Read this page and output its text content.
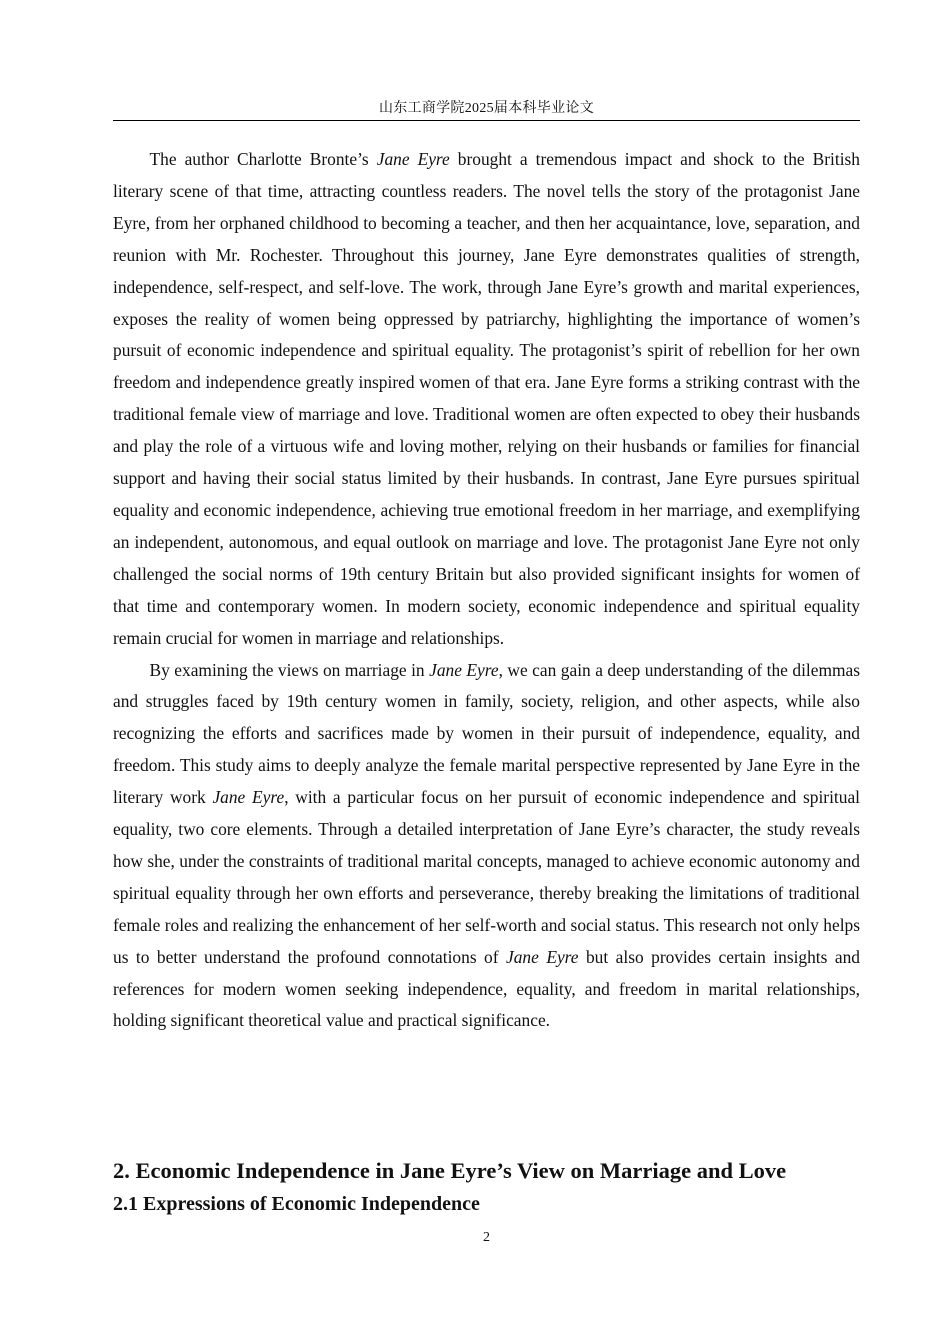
山东工商学院2025届本科毕业论文

The author Charlotte Bronte’s Jane Eyre brought a tremendous impact and shock to the British literary scene of that time, attracting countless readers. The novel tells the story of the protagonist Jane Eyre, from her orphaned childhood to becoming a teacher, and then her acquaintance, love, separation, and reunion with Mr. Rochester. Throughout this journey, Jane Eyre demonstrates qualities of strength, independence, self-respect, and self-love. The work, through Jane Eyre’s growth and marital experiences, exposes the reality of women being oppressed by patriarchy, highlighting the importance of women’s pursuit of economic independence and spiritual equality. The protagonist’s spirit of rebellion for her own freedom and independence greatly inspired women of that era. Jane Eyre forms a striking contrast with the traditional female view of marriage and love. Traditional women are often expected to obey their husbands and play the role of a virtuous wife and loving mother, relying on their husbands or families for financial support and having their social status limited by their husbands. In contrast, Jane Eyre pursues spiritual equality and economic independence, achieving true emotional freedom in her marriage, and exemplifying an independent, autonomous, and equal outlook on marriage and love. The protagonist Jane Eyre not only challenged the social norms of 19th century Britain but also provided significant insights for women of that time and contemporary women. In modern society, economic independence and spiritual equality remain crucial for women in marriage and relationships.

By examining the views on marriage in Jane Eyre, we can gain a deep understanding of the dilemmas and struggles faced by 19th century women in family, society, religion, and other aspects, while also recognizing the efforts and sacrifices made by women in their pursuit of independence, equality, and freedom. This study aims to deeply analyze the female marital perspective represented by Jane Eyre in the literary work Jane Eyre, with a particular focus on her pursuit of economic independence and spiritual equality, two core elements. Through a detailed interpretation of Jane Eyre’s character, the study reveals how she, under the constraints of traditional marital concepts, managed to achieve economic autonomy and spiritual equality through her own efforts and perseverance, thereby breaking the limitations of traditional female roles and realizing the enhancement of her self-worth and social status. This research not only helps us to better understand the profound connotations of Jane Eyre but also provides certain insights and references for modern women seeking independence, equality, and freedom in marital relationships, holding significant theoretical value and practical significance.

2. Economic Independence in Jane Eyre’s View on Marriage and Love
2.1 Expressions of Economic Independence
2
